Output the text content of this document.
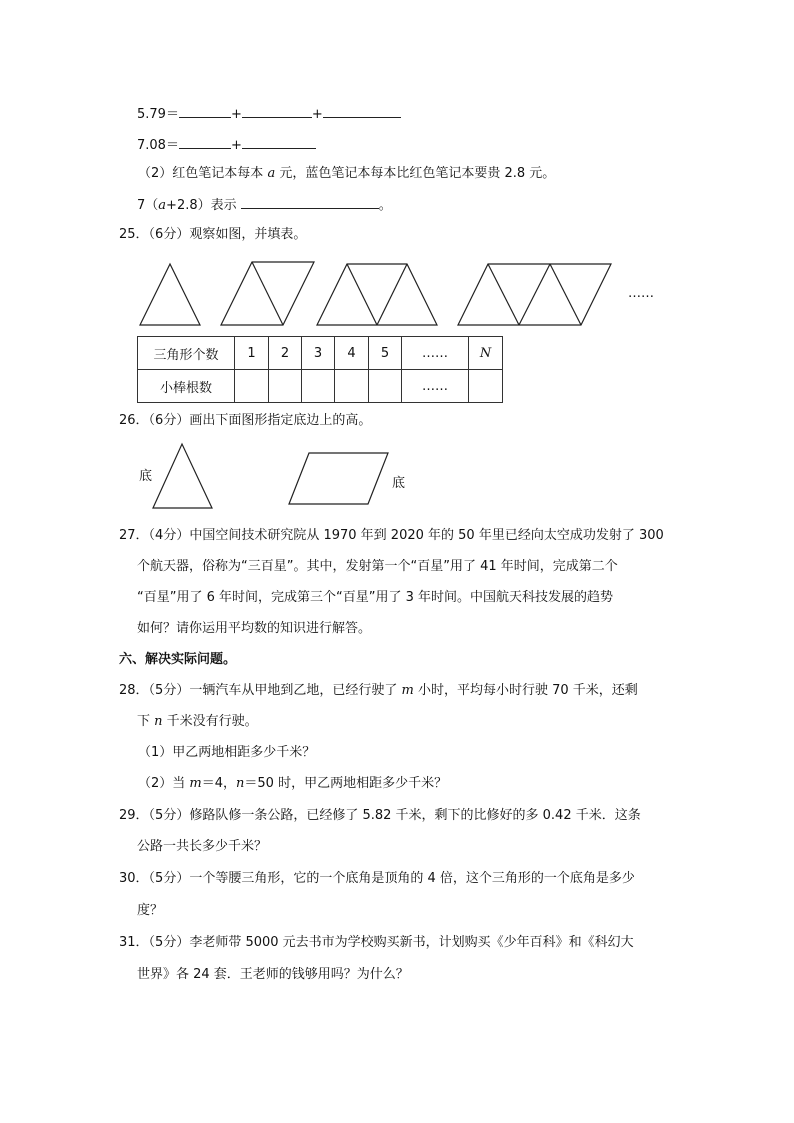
5.79＝	+	+
7.08＝	+
（2）红色笔记本每本 a 元，蓝色笔记本每本比红色笔记本要贵 2.8 元。
7（a+2.8）表示	。
25．（6分）观察如图，并填表。
……
三角形个数	1	2	3	4	5	……	N
小棒根数						……	
26．（6分）画出下面图形指定底边上的高。
底	底
27．（4分）中国空间技术研究院从 1970 年到 2020 年的 50 年里已经向太空成功发射了 300
个航天器，俗称为“三百星”。其中，发射第一个“百星”用了 41 年时间，完成第二个
“百星”用了 6 年时间，完成第三个“百星”用了 3 年时间。中国航天科技发展的趋势
如何？请你运用平均数的知识进行解答。
六、解决实际问题。
28．（5分）一辆汽车从甲地到乙地，已经行驶了 m 小时，平均每小时行驶 70 千米，还剩
下 n 千米没有行驶。
（1）甲乙两地相距多少千米？
（2）当 m＝4，n＝50 时，甲乙两地相距多少千米？
29．（5分）修路队修一条公路，已经修了 5.82 千米，剩下的比修好的多 0.42 千米．这条
公路一共长多少千米？
30．（5分）一个等腰三角形，它的一个底角是顶角的 4 倍，这个三角形的一个底角是多少
度？
31．（5分）李老师带 5000 元去书市为学校购买新书，计划购买《少年百科》和《科幻大
世界》各 24 套．王老师的钱够用吗？为什么？
